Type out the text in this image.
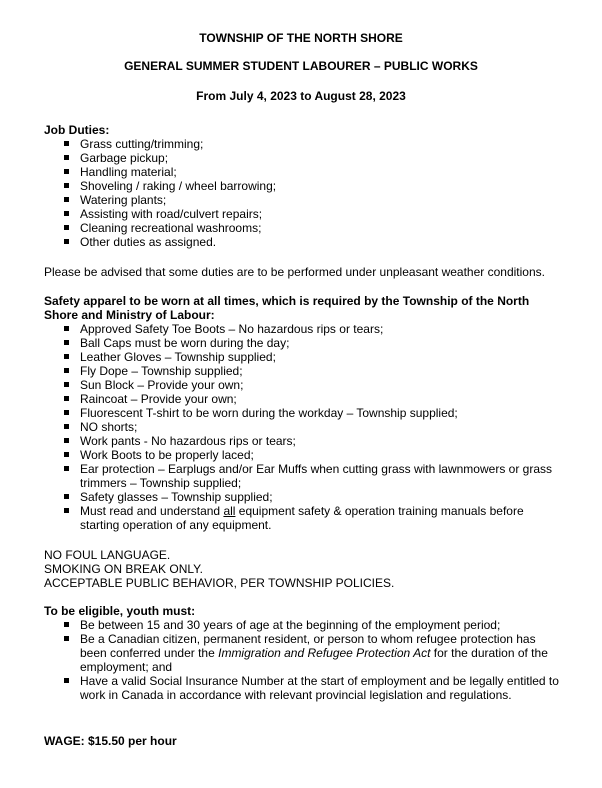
TOWNSHIP OF THE NORTH SHORE
GENERAL SUMMER STUDENT LABOURER – PUBLIC WORKS
From July 4, 2023 to August 28, 2023
Job Duties:
Grass cutting/trimming;
Garbage pickup;
Handling material;
Shoveling / raking / wheel barrowing;
Watering plants;
Assisting with road/culvert repairs;
Cleaning recreational washrooms;
Other duties as assigned.
Please be advised that some duties are to be performed under unpleasant weather conditions.
Safety apparel to be worn at all times, which is required by the Township of the North Shore and Ministry of Labour:
Approved Safety Toe Boots – No hazardous rips or tears;
Ball Caps must be worn during the day;
Leather Gloves – Township supplied;
Fly Dope – Township supplied;
Sun Block – Provide your own;
Raincoat – Provide your own;
Fluorescent T-shirt to be worn during the workday – Township supplied;
NO shorts;
Work pants - No hazardous rips or tears;
Work Boots to be properly laced;
Ear protection – Earplugs and/or Ear Muffs when cutting grass with lawnmowers or grass trimmers – Township supplied;
Safety glasses – Township supplied;
Must read and understand all equipment safety & operation training manuals before starting operation of any equipment.
NO FOUL LANGUAGE.
SMOKING ON BREAK ONLY.
ACCEPTABLE PUBLIC BEHAVIOR, PER TOWNSHIP POLICIES.
To be eligible, youth must:
Be between 15 and 30 years of age at the beginning of the employment period;
Be a Canadian citizen, permanent resident, or person to whom refugee protection has been conferred under the Immigration and Refugee Protection Act for the duration of the employment; and
Have a valid Social Insurance Number at the start of employment and be legally entitled to work in Canada in accordance with relevant provincial legislation and regulations.
WAGE: $15.50 per hour
